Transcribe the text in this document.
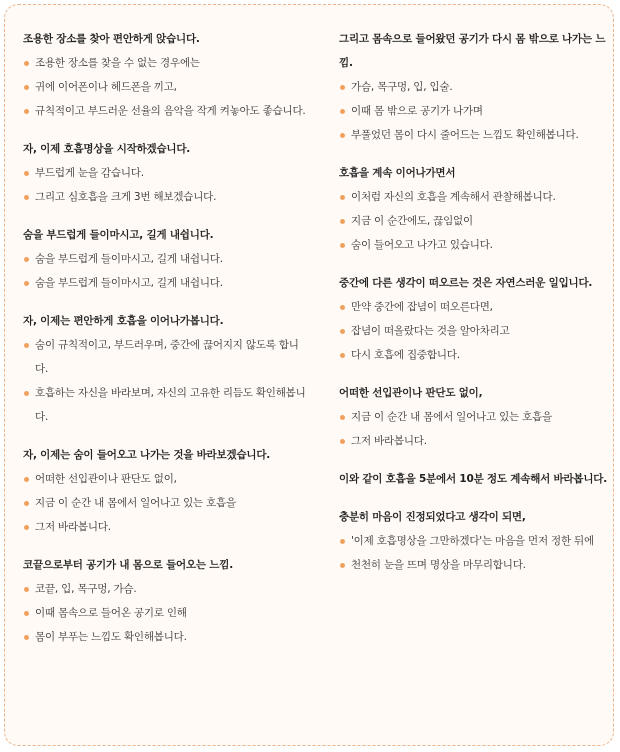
조용한 장소를 찾아 편안하게 앉습니다.
조용한 장소를 찾을 수 없는 경우에는
귀에 이어폰이나 헤드폰을 끼고,
규칙적이고 부드러운 선율의 음악을 작게 켜놓아도 좋습니다.
자, 이제 호흡명상을 시작하겠습니다.
부드럽게 눈을 감습니다.
그리고 심호흡을 크게 3번 해보겠습니다.
숨을 부드럽게 들이마시고, 길게 내쉽니다.
숨을 부드럽게 들이마시고, 길게 내쉽니다.
숨을 부드럽게 들이마시고, 길게 내쉽니다.
자, 이제는 편안하게 호흡을 이어나가봅니다.
숨이 규칙적이고, 부드러우며, 중간에 끊어지지 않도록 합니다.
호흡하는 자신을 바라보며, 자신의 고유한 리듬도 확인해봅니다.
자, 이제는 숨이 들어오고 나가는 것을 바라보겠습니다.
어떠한 선입관이나 판단도 없이,
지금 이 순간 내 몸에서 일어나고 있는 호흡을
그저 바라봅니다.
코끝으로부터 공기가 내 몸으로 들어오는 느낌.
코끝, 입, 목구멍, 가슴.
이때 몸속으로 들어온 공기로 인해
몸이 부푸는 느낌도 확인해봅니다.
그리고 몸속으로 들어왔던 공기가 다시 몸 밖으로 나가는 느낌.
가슴, 목구멍, 입, 입술.
이때 몸 밖으로 공기가 나가며
부풀었던 몸이 다시 줄어드는 느낌도 확인해봅니다.
호흡을 계속 이어나가면서
이처럼 자신의 호흡을 계속해서 관찰해봅니다.
지금 이 순간에도, 끊임없이
숨이 들어오고 나가고 있습니다.
중간에 다른 생각이 떠오르는 것은 자연스러운 일입니다.
만약 중간에 잡념이 떠오른다면,
잡념이 떠올랐다는 것을 알아차리고
다시 호흡에 집중합니다.
어떠한 선입관이나 판단도 없이,
지금 이 순간 내 몸에서 일어나고 있는 호흡을
그저 바라봅니다.
이와 같이 호흡을 5분에서 10분 정도 계속해서 바라봅니다.
충분히 마음이 진정되었다고 생각이 되면,
'이제 호흡명상을 그만하겠다'는 마음을 먼저 정한 뒤에
천천히 눈을 뜨며 명상을 마무리합니다.
